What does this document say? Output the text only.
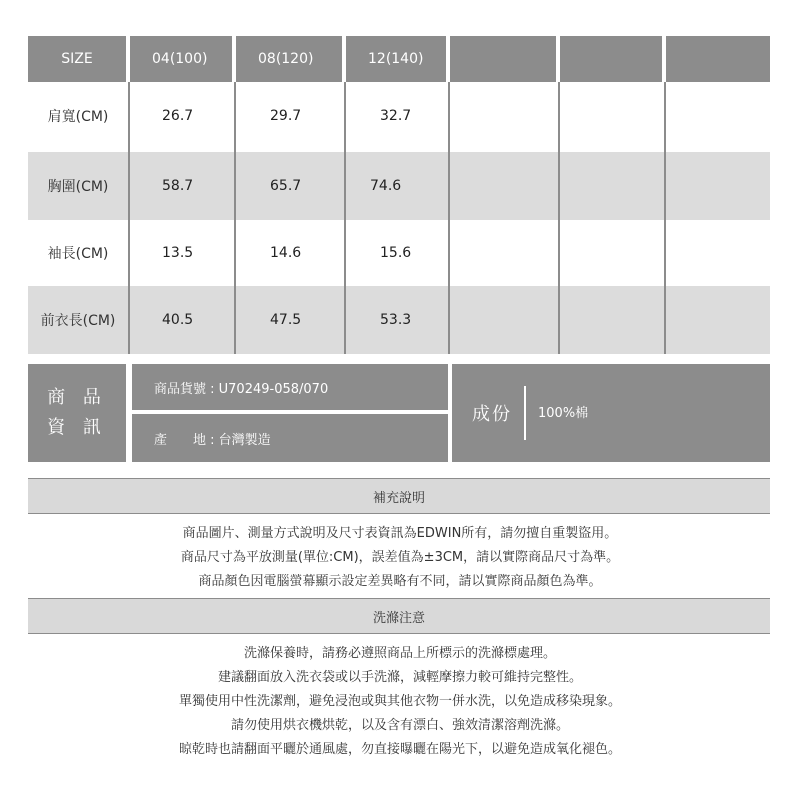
SIZE	04(100)	08(120)	12(140)
肩寬(CM)	26.7	29.7	32.7
胸圍(CM)	58.7	65.7	74.6
袖長(CM)	13.5	14.6	15.6
前衣長(CM)	40.5	47.5	53.3
商 品
資 訊
商品貨號 : U70249-058/070
產　　地 : 台灣製造
成份 100%棉
補充說明
商品圖片、測量方式說明及尺寸表資訊為EDWIN所有，請勿擅自重製盜用。
商品尺寸為平放測量(單位:CM)，誤差值為±3CM，請以實際商品尺寸為準。
商品顏色因電腦螢幕顯示設定差異略有不同，請以實際商品顏色為準。
洗滌注意
洗滌保養時，請務必遵照商品上所標示的洗滌標處理。
建議翻面放入洗衣袋或以手洗滌，減輕摩擦力較可維持完整性。
單獨使用中性洗潔劑，避免浸泡或與其他衣物一併水洗，以免造成移染現象。
請勿使用烘衣機烘乾，以及含有漂白、強效清潔溶劑洗滌。
晾乾時也請翻面平曬於通風處，勿直接曝曬在陽光下，以避免造成氧化褪色。
